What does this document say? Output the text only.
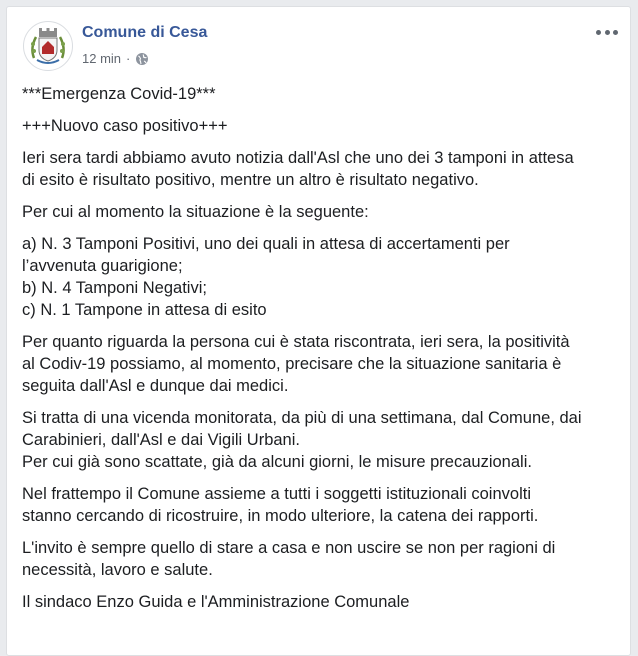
Comune di Cesa
12 min ·

***Emergenza Covid-19***

+++Nuovo caso positivo+++

Ieri sera tardi abbiamo avuto notizia dall'Asl che uno dei 3 tamponi in attesa
di esito è risultato positivo, mentre un altro è risultato negativo.

Per cui al momento la situazione è la seguente:

a) N. 3 Tamponi Positivi, uno dei quali in attesa di accertamenti per
l’avvenuta guarigione;
b) N. 4 Tamponi Negativi;
c) N. 1 Tampone in attesa di esito

Per quanto riguarda la persona cui è stata riscontrata, ieri sera, la positività
al Codiv-19 possiamo, al momento, precisare che la situazione sanitaria è
seguita dall'Asl e dunque dai medici.

Si tratta di una vicenda monitorata, da più di una settimana, dal Comune, dai
Carabinieri, dall'Asl e dai Vigili Urbani.
Per cui già sono scattate, già da alcuni giorni, le misure precauzionali.

Nel frattempo il Comune assieme a tutti i soggetti istituzionali coinvolti
stanno cercando di ricostruire, in modo ulteriore, la catena dei rapporti.

L'invito è sempre quello di stare a casa e non uscire se non per ragioni di
necessità, lavoro e salute.

Il sindaco Enzo Guida e l'Amministrazione Comunale
